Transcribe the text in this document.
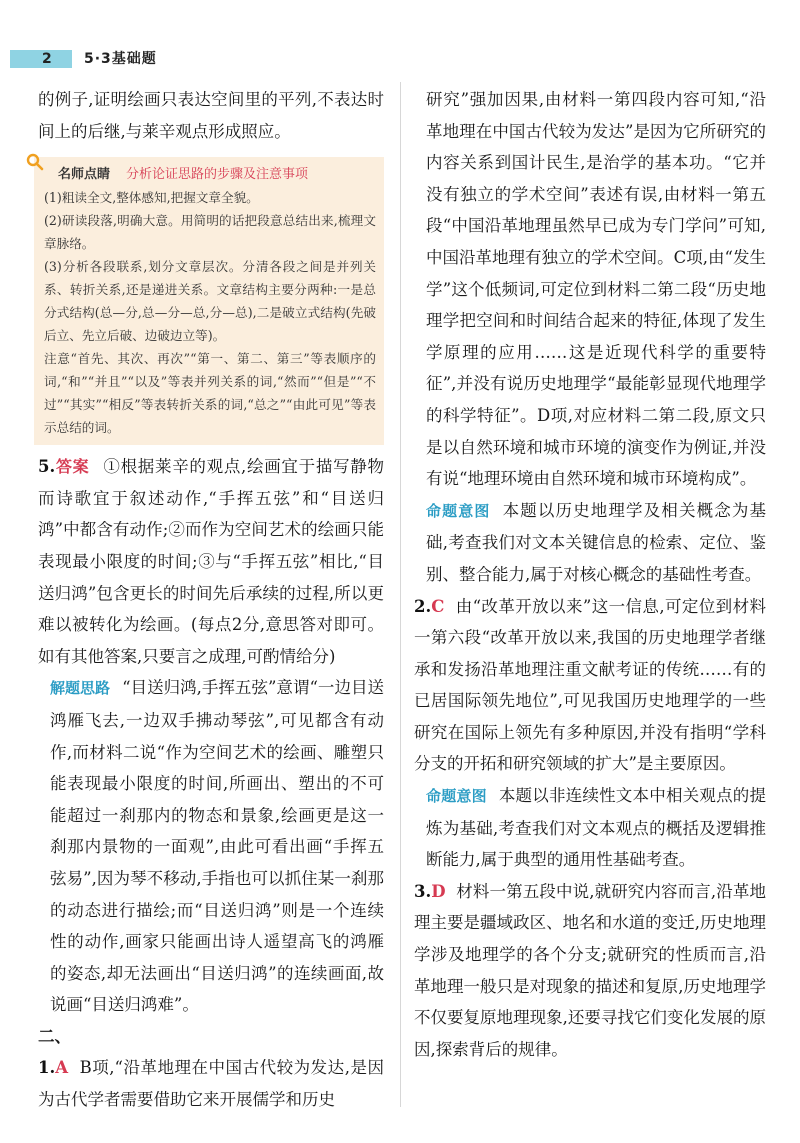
2 5·3基础题

的例子,证明绘画只表达空间里的平列,不表达时间上的后继,与莱辛观点形成照应。

名师点睛 分析论证思路的步骤及注意事项

(1)粗读全文,整体感知,把握文章全貌。

(2)研读段落,明确大意。用简明的话把段意总结出来,梳理文章脉络。

(3)分析各段联系,划分文章层次。分清各段之间是并列关系、转折关系,还是递进关系。文章结构主要分两种:一是总分式结构(总—分,总—分—总,分—总),二是破立式结构(先破后立、先立后破、边破边立等)。

注意“首先、其次、再次”“第一、第二、第三”等表顺序的词,“和”“并且”“以及”等表并列关系的词,“然而”“但是”“不过”“其实”“相反”等表转折关系的词,“总之”“由此可见”等表示总结的词。

5.答案 ①根据莱辛的观点,绘画宜于描写静物而诗歌宜于叙述动作,“手挥五弦”和“目送归鸿”中都含有动作;②而作为空间艺术的绘画只能表现最小限度的时间;③与“手挥五弦”相比,“目送归鸿”包含更长的时间先后承续的过程,所以更难以被转化为绘画。(每点2分,意思答对即可。如有其他答案,只要言之成理,可酌情给分)

解题思路 “目送归鸿,手挥五弦”意谓“一边目送鸿雁飞去,一边双手拂动琴弦”,可见都含有动作,而材料二说“作为空间艺术的绘画、雕塑只能表现最小限度的时间,所画出、塑出的不可能超过一刹那内的物态和景象,绘画更是这一刹那内景物的一面观”,由此可看出画“手挥五弦易”,因为琴不移动,手指也可以抓住某一刹那的动态进行描绘;而“目送归鸿”则是一个连续性的动作,画家只能画出诗人遥望高飞的鸿雁的姿态,却无法画出“目送归鸿”的连续画面,故说画“目送归鸿难”。

二、

1.A B项,“沿革地理在中国古代较为发达,是因为古代学者需要借助它来开展儒学和历史

研究”强加因果,由材料一第四段内容可知,“沿革地理在中国古代较为发达”是因为它所研究的内容关系到国计民生,是治学的基本功。“它并没有独立的学术空间”表述有误,由材料一第五段“中国沿革地理虽然早已成为专门学问”可知,中国沿革地理有独立的学术空间。C项,由“发生学”这个低频词,可定位到材料二第二段“历史地理学把空间和时间结合起来的特征,体现了发生学原理的应用……这是近现代科学的重要特征”,并没有说历史地理学“最能彰显现代地理学的科学特征”。D项,对应材料二第二段,原文只是以自然环境和城市环境的演变作为例证,并没有说“地理环境由自然环境和城市环境构成”。

命题意图 本题以历史地理学及相关概念为基础,考查我们对文本关键信息的检索、定位、鉴别、整合能力,属于对核心概念的基础性考查。

2.C 由“改革开放以来”这一信息,可定位到材料一第六段“改革开放以来,我国的历史地理学者继承和发扬沿革地理注重文献考证的传统……有的已居国际领先地位”,可见我国历史地理学的一些研究在国际上领先有多种原因,并没有指明“学科分支的开拓和研究领域的扩大”是主要原因。

命题意图 本题以非连续性文本中相关观点的提炼为基础,考查我们对文本观点的概括及逻辑推断能力,属于典型的通用性基础考查。

3.D 材料一第五段中说,就研究内容而言,沿革地理主要是疆域政区、地名和水道的变迁,历史地理学涉及地理学的各个分支;就研究的性质而言,沿革地理一般只是对现象的描述和复原,历史地理学不仅要复原地理现象,还要寻找它们变化发展的原因,探索背后的规律。
